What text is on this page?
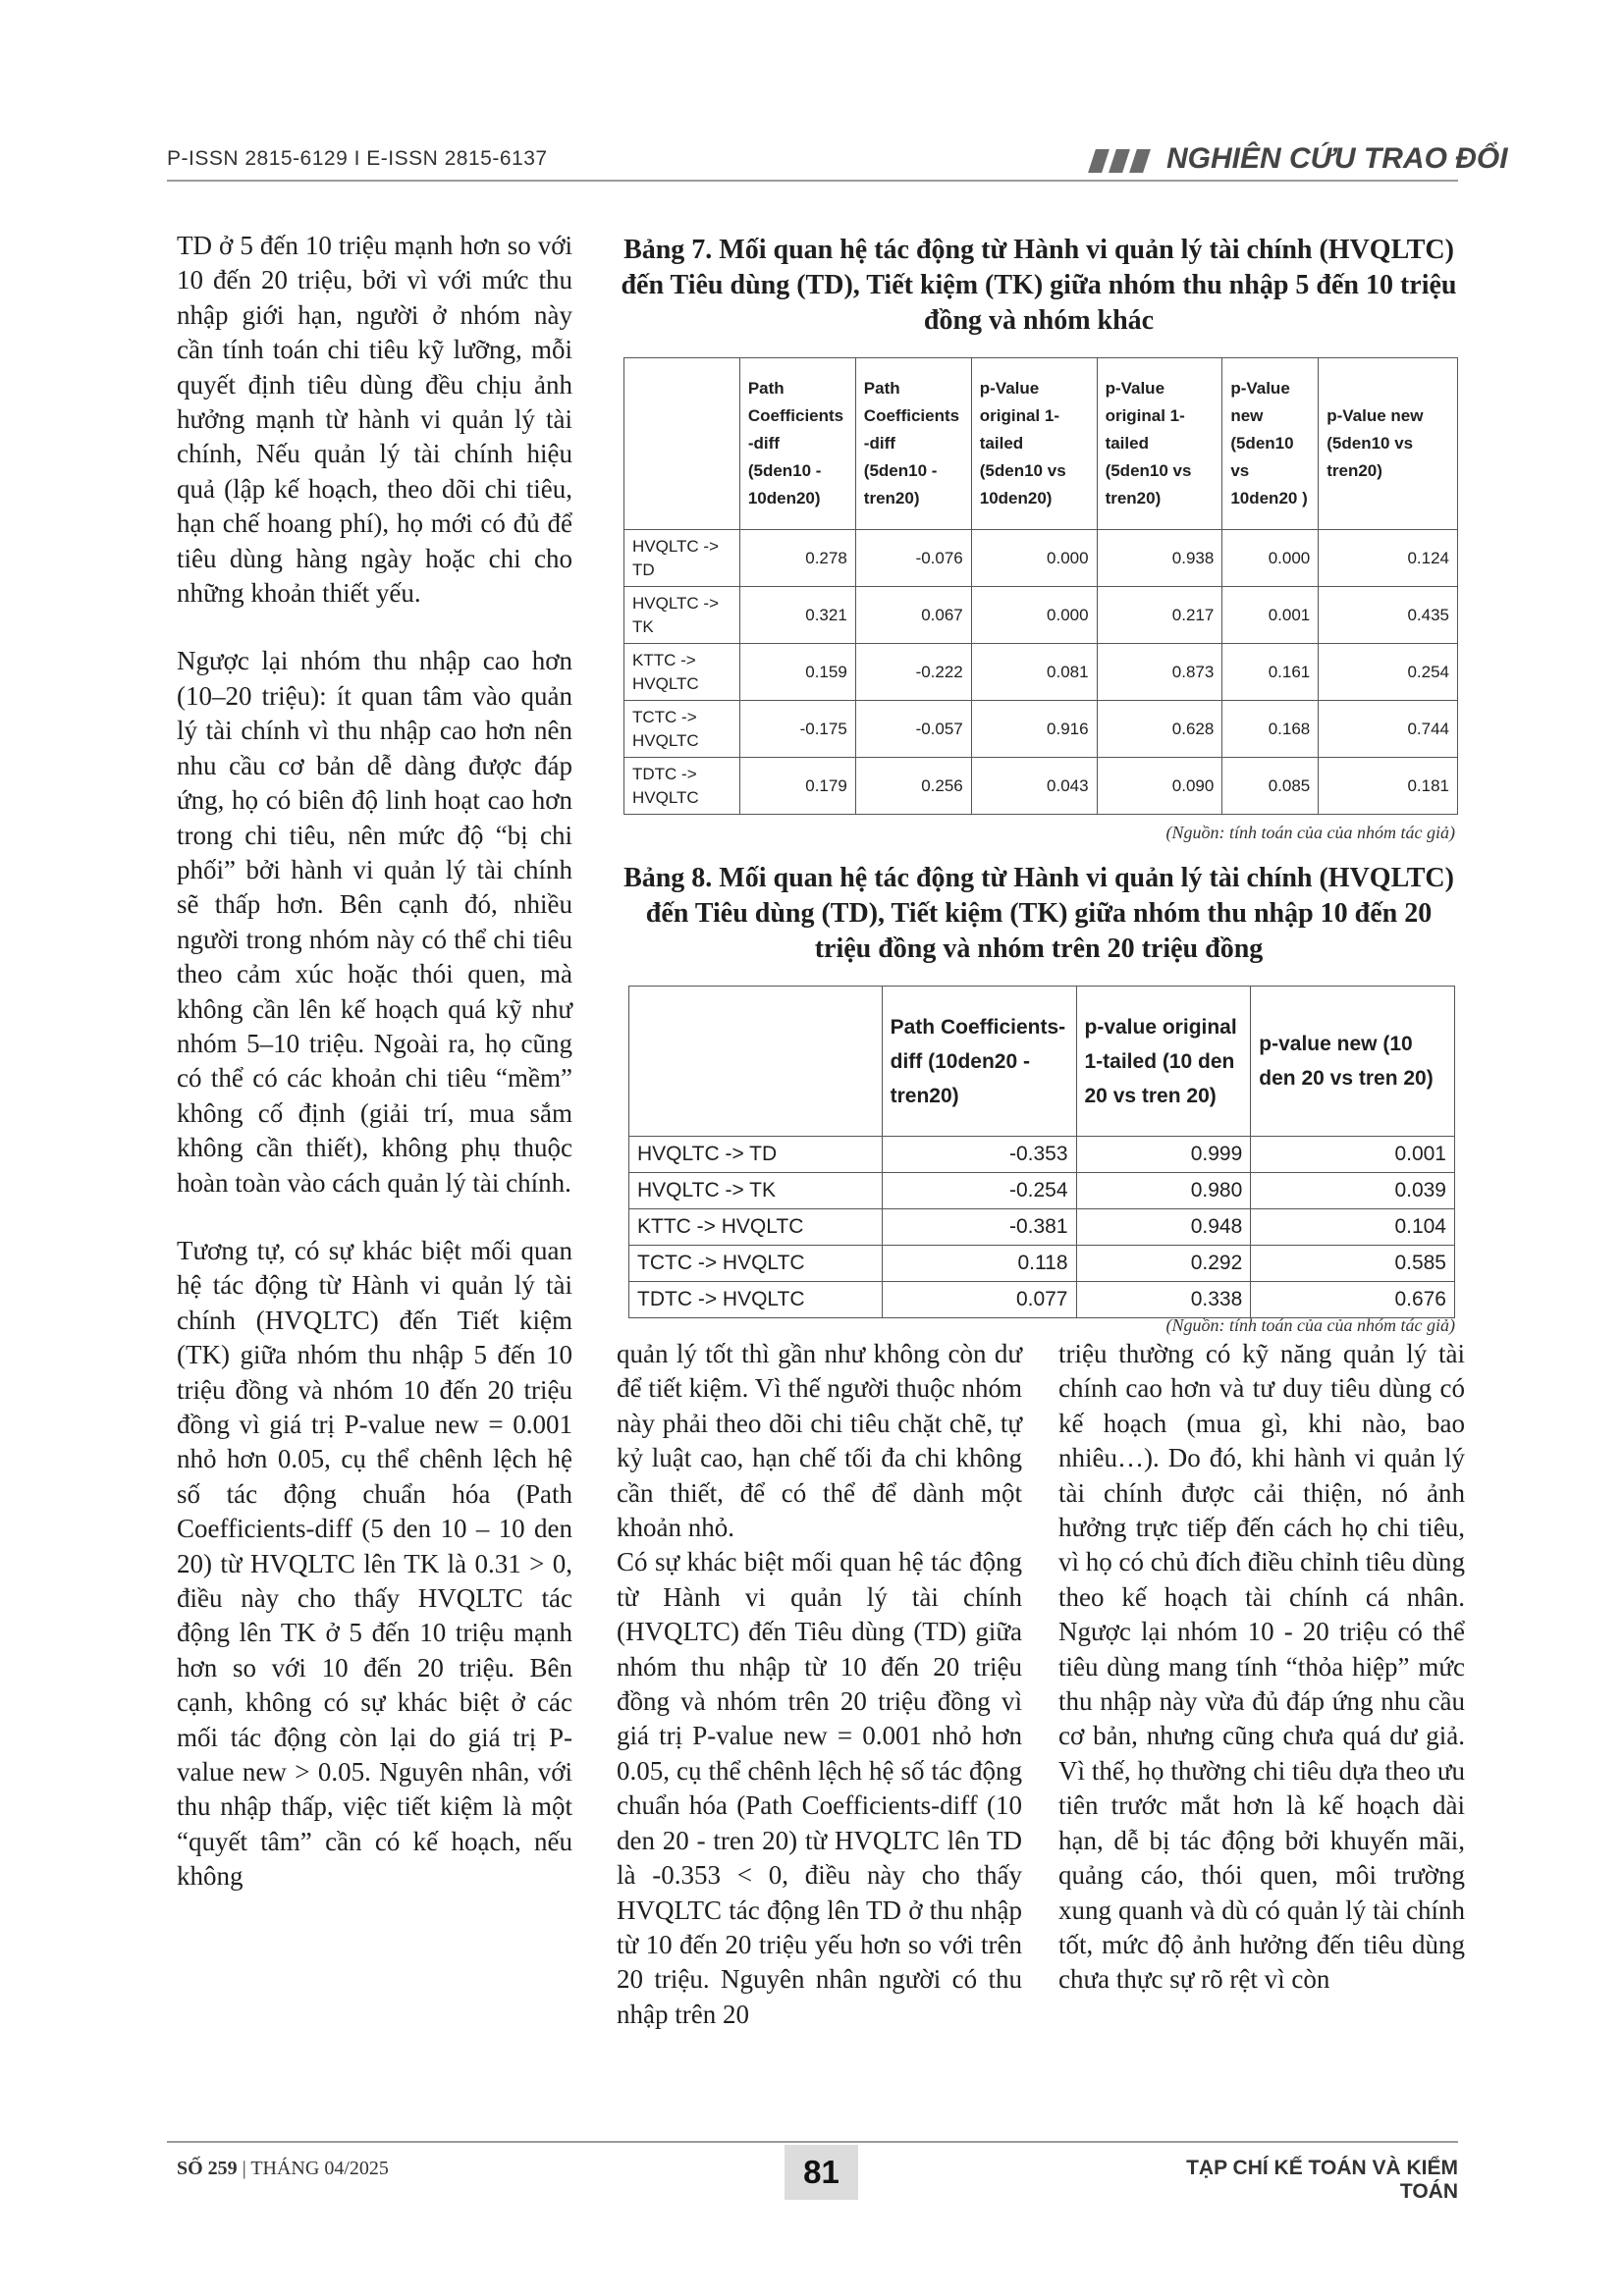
P-ISSN 2815-6129 I E-ISSN 2815-6137	NGHIÊN CỨU TRAO ĐỔI

TD ở 5 đến 10 triệu mạnh hơn so với 10 đến 20 triệu, bởi vì với mức thu nhập giới hạn, người ở nhóm này cần tính toán chi tiêu kỹ lưỡng, mỗi quyết định tiêu dùng đều chịu ảnh hưởng mạnh từ hành vi quản lý tài chính, Nếu quản lý tài chính hiệu quả (lập kế hoạch, theo dõi chi tiêu, hạn chế hoang phí), họ mới có đủ để tiêu dùng hàng ngày hoặc chi cho những khoản thiết yếu.

Ngược lại nhóm thu nhập cao hơn (10–20 triệu): ít quan tâm vào quản lý tài chính vì thu nhập cao hơn nên nhu cầu cơ bản dễ dàng được đáp ứng, họ có biên độ linh hoạt cao hơn trong chi tiêu, nên mức độ “bị chi phối” bởi hành vi quản lý tài chính sẽ thấp hơn. Bên cạnh đó, nhiều người trong nhóm này có thể chi tiêu theo cảm xúc hoặc thói quen, mà không cần lên kế hoạch quá kỹ như nhóm 5–10 triệu. Ngoài ra, họ cũng có thể có các khoản chi tiêu “mềm” không cố định (giải trí, mua sắm không cần thiết), không phụ thuộc hoàn toàn vào cách quản lý tài chính.

Tương tự, có sự khác biệt mối quan hệ tác động từ Hành vi quản lý tài chính (HVQLTC) đến Tiết kiệm (TK) giữa nhóm thu nhập 5 đến 10 triệu đồng và nhóm 10 đến 20 triệu đồng vì giá trị P-value new = 0.001 nhỏ hơn 0.05, cụ thể chênh lệch hệ số tác động chuẩn hóa (Path Coefficients-diff (5 den 10 – 10 den 20) từ HVQLTC lên TK là 0.31 > 0, điều này cho thấy HVQLTC tác động lên TK ở 5 đến 10 triệu mạnh hơn so với 10 đến 20 triệu. Bên cạnh, không có sự khác biệt ở các mối tác động còn lại do giá trị P-value new > 0.05. Nguyên nhân, với thu nhập thấp, việc tiết kiệm là một “quyết tâm” cần có kế hoạch, nếu không

Bảng 7. Mối quan hệ tác động từ Hành vi quản lý tài chính (HVQLTC) đến Tiêu dùng (TD), Tiết kiệm (TK) giữa nhóm thu nhập 5 đến 10 triệu đồng và nhóm khác
	Path Coefficients -diff (5den10 - 10den20)	Path Coefficients -diff (5den10 - tren20)	p-Value original 1-tailed (5den10 vs 10den20)	p-Value original 1-tailed (5den10 vs tren20)	p-Value new (5den10 vs 10den20 )	p-Value new (5den10 vs tren20)
HVQLTC -> TD	0.278	-0.076	0.000	0.938	0.000	0.124
HVQLTC -> TK	0.321	0.067	0.000	0.217	0.001	0.435
KTTC -> HVQLTC	0.159	-0.222	0.081	0.873	0.161	0.254
TCTC -> HVQLTC	-0.175	-0.057	0.916	0.628	0.168	0.744
TDTC -> HVQLTC	0.179	0.256	0.043	0.090	0.085	0.181
(Nguồn: tính toán của của nhóm tác giả)
Bảng 8. Mối quan hệ tác động từ Hành vi quản lý tài chính (HVQLTC) đến Tiêu dùng (TD), Tiết kiệm (TK) giữa nhóm thu nhập 10 đến 20 triệu đồng và nhóm trên 20 triệu đồng
	Path Coefficients-diff (10den20 - tren20)	p-value original 1-tailed (10 den 20 vs tren 20)	p-value new (10 den 20 vs tren 20)
HVQLTC -> TD	-0.353	0.999	0.001
HVQLTC -> TK	-0.254	0.980	0.039
KTTC -> HVQLTC	-0.381	0.948	0.104
TCTC -> HVQLTC	0.118	0.292	0.585
TDTC -> HVQLTC	0.077	0.338	0.676
(Nguồn: tính toán của của nhóm tác giả)

quản lý tốt thì gần như không còn dư để tiết kiệm. Vì thế người thuộc nhóm này phải theo dõi chi tiêu chặt chẽ, tự kỷ luật cao, hạn chế tối đa chi không cần thiết, để có thể để dành một khoản nhỏ.

Có sự khác biệt mối quan hệ tác động từ Hành vi quản lý tài chính (HVQLTC) đến Tiêu dùng (TD) giữa nhóm thu nhập từ 10 đến 20 triệu đồng và nhóm trên 20 triệu đồng vì giá trị P-value new = 0.001 nhỏ hơn 0.05, cụ thể chênh lệch hệ số tác động chuẩn hóa (Path Coefficients-diff (10 den 20 - tren 20) từ HVQLTC lên TD là -0.353 < 0, điều này cho thấy HVQLTC tác động lên TD ở thu nhập từ 10 đến 20 triệu yếu hơn so với trên 20 triệu. Nguyên nhân người có thu nhập trên 20

triệu thường có kỹ năng quản lý tài chính cao hơn và tư duy tiêu dùng có kế hoạch (mua gì, khi nào, bao nhiêu…). Do đó, khi hành vi quản lý tài chính được cải thiện, nó ảnh hưởng trực tiếp đến cách họ chi tiêu, vì họ có chủ đích điều chỉnh tiêu dùng theo kế hoạch tài chính cá nhân. Ngược lại nhóm 10 - 20 triệu có thể tiêu dùng mang tính “thỏa hiệp” mức thu nhập này vừa đủ đáp ứng nhu cầu cơ bản, nhưng cũng chưa quá dư giả. Vì thế, họ thường chi tiêu dựa theo ưu tiên trước mắt hơn là kế hoạch dài hạn, dễ bị tác động bởi khuyến mãi, quảng cáo, thói quen, môi trường xung quanh và dù có quản lý tài chính tốt, mức độ ảnh hưởng đến tiêu dùng chưa thực sự rõ rệt vì còn

SỐ 259 | THÁNG 04/2025	81	TẠP CHÍ KẾ TOÁN VÀ KIỂM TOÁN
